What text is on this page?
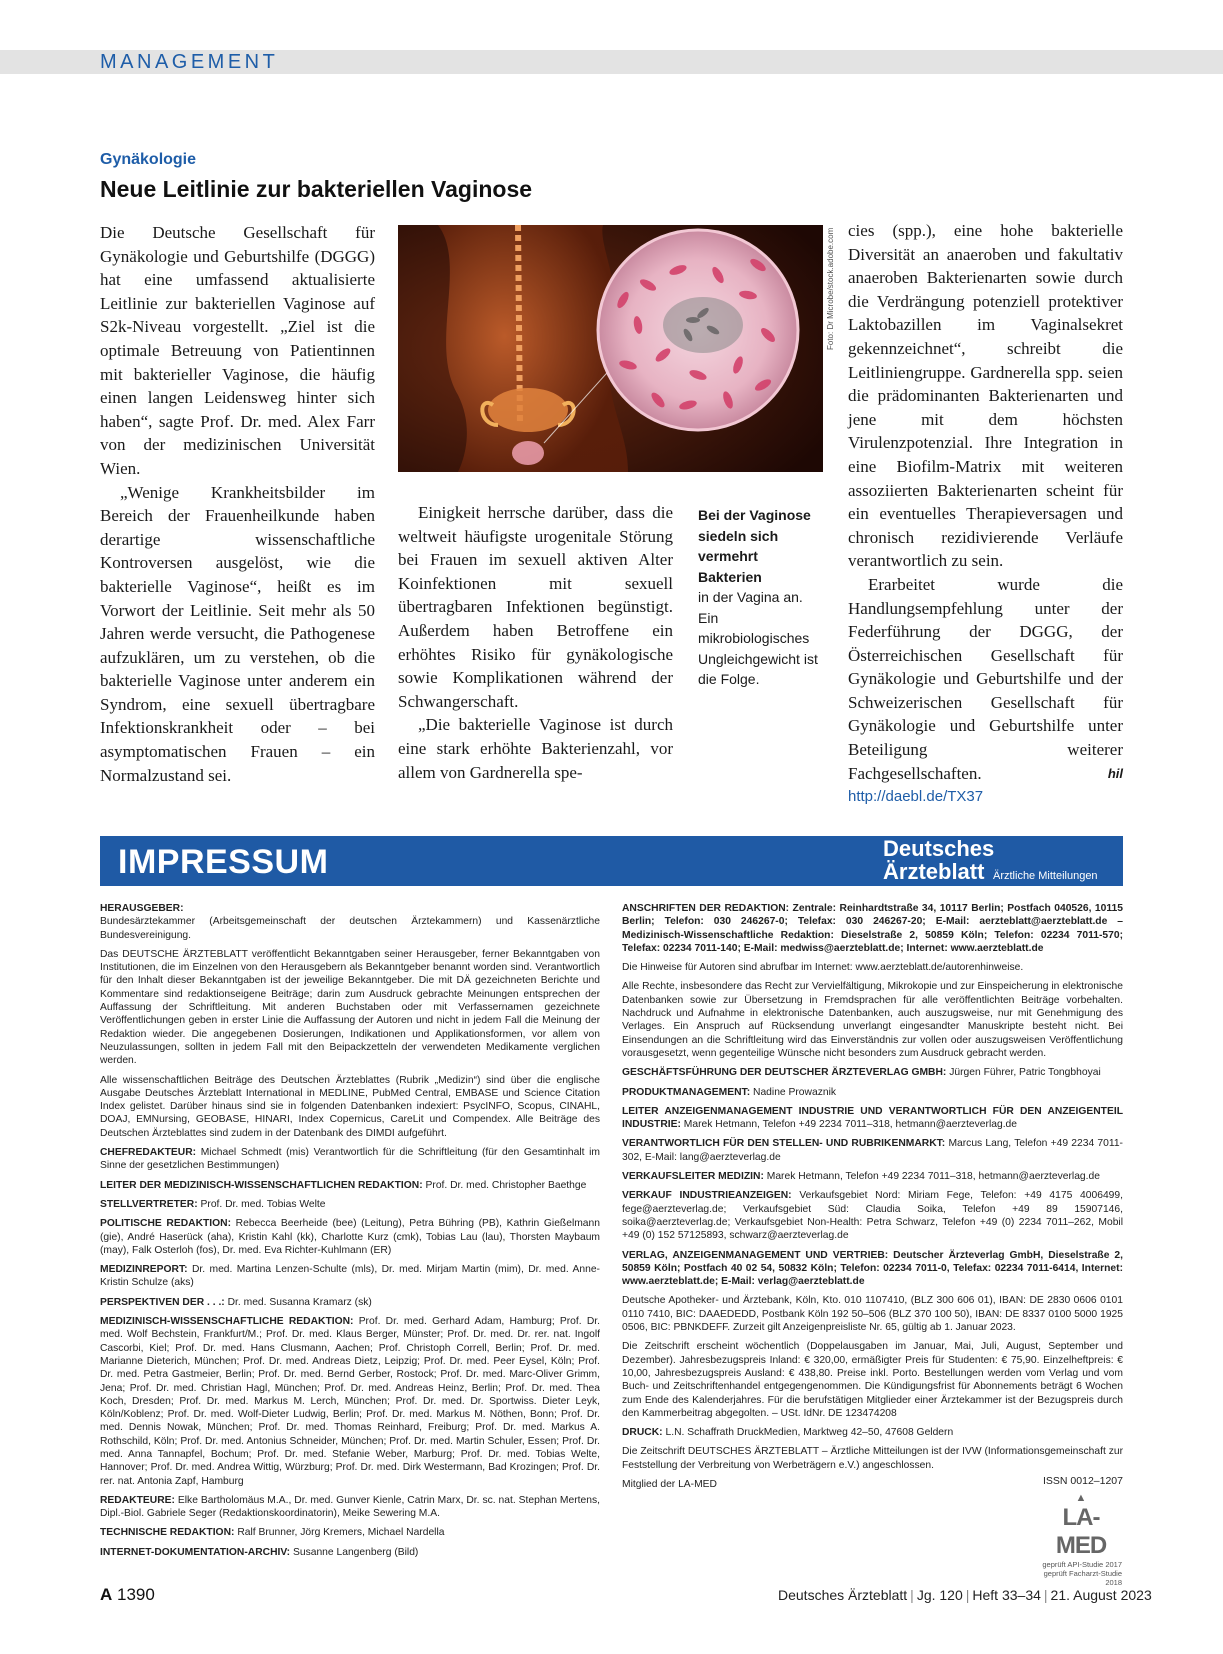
MANAGEMENT
Gynäkologie
Neue Leitlinie zur bakteriellen Vaginose

Die Deutsche Gesellschaft für Gynäkologie und Geburtshilfe (DGGG) hat eine umfassend aktualisierte Leitlinie zur bakteriellen Vaginose auf S2k-Niveau vorgestellt. „Ziel ist die optimale Betreuung von Patientinnen mit bakterieller Vaginose, die häufig einen langen Leidensweg hinter sich haben“, sagte Prof. Dr. med. Alex Farr von der medizinischen Universität Wien.

„Wenige Krankheitsbilder im Bereich der Frauenheilkunde haben derartige wissenschaftliche Kontroversen ausgelöst, wie die bakterielle Vaginose“, heißt es im Vorwort der Leitlinie. Seit mehr als 50 Jahren werde versucht, die Pathogenese aufzuklären, um zu verstehen, ob die bakterielle Vaginose unter anderem ein Syndrom, eine sexuell übertragbare Infektionskrankheit oder – bei asymptomatischen Frauen – ein Normalzustand sei.

Foto: Dr Microbe/stock.adobe.com

Einigkeit herrsche darüber, dass die weltweit häufigste urogenitale Störung bei Frauen im sexuell aktiven Alter Koinfektionen mit sexuell übertragbaren Infektionen begünstigt. Außerdem haben Betroffene ein erhöhtes Risiko für gynäkologische sowie Komplikationen während der Schwangerschaft.

„Die bakterielle Vaginose ist durch eine stark erhöhte Bakterienzahl, vor allem von Gardnerella spe-

Bei der Vaginose siedeln sich vermehrt Bakterien
in der Vagina an. Ein mikrobiologisches Ungleichgewicht ist die Folge.

cies (spp.), eine hohe bakterielle Diversität an anaeroben und fakultativ anaeroben Bakterienarten sowie durch die Verdrängung potenziell protektiver Laktobazillen im Vaginalsekret gekennzeichnet“, schreibt die Leitliniengruppe. Gardnerella spp. seien die prädominanten Bakterienarten und jene mit dem höchsten Virulenzpotenzial. Ihre Integration in eine Biofilm-Matrix mit weiteren assoziierten Bakterienarten scheint für ein eventuelles Therapieversagen und chronisch rezidivierende Verläufe verantwortlich zu sein.

Erarbeitet wurde die Handlungsempfehlung unter der Federführung der DGGG, der Österreichischen Gesellschaft für Gynäkologie und Geburtshilfe und der Schweizerischen Gesellschaft für Gynäkologie und Geburtshilfe unter Beteiligung weiterer Fachgesellschaften.	hil

http://daebl.de/TX37
IMPRESSUM	Deutsches
Ärzteblatt Ärztliche Mitteilungen

HERAUSGEBER:

Bundesärztekammer (Arbeitsgemeinschaft der deutschen Ärztekammern) und Kassenärztliche Bundesvereinigung.

Das DEUTSCHE ÄRZTEBLATT veröffentlicht Bekanntgaben seiner Herausgeber, ferner Bekanntgaben von Institutionen, die im Einzelnen von den Herausgebern als Bekanntgeber benannt worden sind. Verantwortlich für den Inhalt dieser Bekanntgaben ist der jeweilige Bekanntgeber. Die mit DÄ gezeichneten Berichte und Kommentare sind redaktionseigene Beiträge; darin zum Ausdruck gebrachte Meinungen entsprechen der Auffassung der Schriftleitung. Mit anderen Buchstaben oder mit Verfassernamen gezeichnete Veröffentlichungen geben in erster Linie die Auffassung der Autoren und nicht in jedem Fall die Meinung der Redaktion wieder. Die angegebenen Dosierungen, Indikationen und Applikationsformen, vor allem von Neuzulassungen, sollten in jedem Fall mit den Beipackzetteln der verwendeten Medikamente verglichen werden.

Alle wissenschaftlichen Beiträge des Deutschen Ärzteblattes (Rubrik „Medizin“) sind über die englische Ausgabe Deutsches Ärzteblatt International in MEDLINE, PubMed Central, EMBASE und Science Citation Index gelistet. Darüber hinaus sind sie in folgenden Datenbanken indexiert: PsycINFO, Scopus, CINAHL, DOAJ, EMNursing, GEOBASE, HINARI, Index Copernicus, CareLit und Compendex. Alle Beiträge des Deutschen Ärzteblattes sind zudem in der Datenbank des DIMDI aufgeführt.

CHEFREDAKTEUR: Michael Schmedt (mis) Verantwortlich für die Schriftleitung (für den Gesamtinhalt im Sinne der gesetzlichen Bestimmungen)

LEITER DER MEDIZINISCH-WISSENSCHAFTLICHEN REDAKTION: Prof. Dr. med. Christopher Baethge

STELLVERTRETER: Prof. Dr. med. Tobias Welte

POLITISCHE REDAKTION: Rebecca Beerheide (bee) (Leitung), Petra Bühring (PB), Kathrin Gießelmann (gie), André Haserück (aha), Kristin Kahl (kk), Charlotte Kurz (cmk), Tobias Lau (lau), Thorsten Maybaum (may), Falk Osterloh (fos), Dr. med. Eva Richter-Kuhlmann (ER)

MEDIZINREPORT: Dr. med. Martina Lenzen-Schulte (mls), Dr. med. Mirjam Martin (mim), Dr. med. Anne-Kristin Schulze (aks)

PERSPEKTIVEN DER . . .: Dr. med. Susanna Kramarz (sk)

MEDIZINISCH-WISSENSCHAFTLICHE REDAKTION: Prof. Dr. med. Gerhard Adam, Hamburg; Prof. Dr. med. Wolf Bechstein, Frankfurt/M.; Prof. Dr. med. Klaus Berger, Münster; Prof. Dr. med. Dr. rer. nat. Ingolf Cascorbi, Kiel; Prof. Dr. med. Hans Clusmann, Aachen; Prof. Christoph Correll, Berlin; Prof. Dr. med. Marianne Dieterich, München; Prof. Dr. med. Andreas Dietz, Leipzig; Prof. Dr. med. Peer Eysel, Köln; Prof. Dr. med. Petra Gastmeier, Berlin; Prof. Dr. med. Bernd Gerber, Rostock; Prof. Dr. med. Marc-Oliver Grimm, Jena; Prof. Dr. med. Christian Hagl, München; Prof. Dr. med. Andreas Heinz, Berlin; Prof. Dr. med. Thea Koch, Dresden; Prof. Dr. med. Markus M. Lerch, München; Prof. Dr. med. Dr. Sportwiss. Dieter Leyk, Köln/Koblenz; Prof. Dr. med. Wolf-Dieter Ludwig, Berlin; Prof. Dr. med. Markus M. Nöthen, Bonn; Prof. Dr. med. Dennis Nowak, München; Prof. Dr. med. Thomas Reinhard, Freiburg; Prof. Dr. med. Markus A. Rothschild, Köln; Prof. Dr. med. Antonius Schneider, München; Prof. Dr. med. Martin Schuler, Essen; Prof. Dr. med. Anna Tannapfel, Bochum; Prof. Dr. med. Stefanie Weber, Marburg; Prof. Dr. med. Tobias Welte, Hannover; Prof. Dr. med. Andrea Wittig, Würzburg; Prof. Dr. med. Dirk Westermann, Bad Krozingen; Prof. Dr. rer. nat. Antonia Zapf, Hamburg

REDAKTEURE: Elke Bartholomäus M.A., Dr. med. Gunver Kienle, Catrin Marx, Dr. sc. nat. Stephan Mertens, Dipl.-Biol. Gabriele Seger (Redaktionskoordinatorin), Meike Sewering M.A.

TECHNISCHE REDAKTION: Ralf Brunner, Jörg Kremers, Michael Nardella

INTERNET-DOKUMENTATION-ARCHIV: Susanne Langenberg (Bild)

ANSCHRIFTEN DER REDAKTION: Zentrale: Reinhardtstraße 34, 10117 Berlin; Postfach 040526, 10115 Berlin; Telefon: 030 246267-0; Telefax: 030 246267-20; E-Mail: aerzteblatt@aerzteblatt.de – Medizinisch-Wissenschaftliche Redaktion: Dieselstraße 2, 50859 Köln; Telefon: 02234 7011-570; Telefax: 02234 7011-140; E-Mail: medwiss@aerzteblatt.de; Internet: www.aerzteblatt.de

Die Hinweise für Autoren sind abrufbar im Internet: www.aerzteblatt.de/autorenhinweise.

Alle Rechte, insbesondere das Recht zur Vervielfältigung, Mikrokopie und zur Einspeicherung in elektronische Datenbanken sowie zur Übersetzung in Fremdsprachen für alle veröffentlichten Beiträge vorbehalten. Nachdruck und Aufnahme in elektronische Datenbanken, auch auszugsweise, nur mit Genehmigung des Verlages. Ein Anspruch auf Rücksendung unverlangt eingesandter Manuskripte besteht nicht. Bei Einsendungen an die Schriftleitung wird das Einverständnis zur vollen oder auszugsweisen Veröffentlichung vorausgesetzt, wenn gegenteilige Wünsche nicht besonders zum Ausdruck gebracht werden.

GESCHÄFTSFÜHRUNG DER DEUTSCHER ÄRZTEVERLAG GMBH: Jürgen Führer, Patric Tongbhoyai

PRODUKTMANAGEMENT: Nadine Prowaznik

LEITER ANZEIGENMANAGEMENT INDUSTRIE UND VERANTWORTLICH FÜR DEN ANZEIGENTEIL INDUSTRIE: Marek Hetmann, Telefon +49 2234 7011–318, hetmann@aerzteverlag.de

VERANTWORTLICH FÜR DEN STELLEN- UND RUBRIKENMARKT: Marcus Lang, Telefon +49 2234 7011-302, E-Mail: lang@aerzteverlag.de

VERKAUFSLEITER MEDIZIN: Marek Hetmann, Telefon +49 2234 7011–318, hetmann@aerzteverlag.de

VERKAUF INDUSTRIEANZEIGEN: Verkaufsgebiet Nord: Miriam Fege, Telefon: +49 4175 4006499, fege@aerzteverlag.de; Verkaufsgebiet Süd: Claudia Soika, Telefon +49 89 15907146, soika@aerzteverlag.de; Verkaufsgebiet Non-Health: Petra Schwarz, Telefon +49 (0) 2234 7011–262, Mobil +49 (0) 152 57125893, schwarz@aerzteverlag.de

VERLAG, ANZEIGENMANAGEMENT UND VERTRIEB: Deutscher Ärzteverlag GmbH, Dieselstraße 2, 50859 Köln; Postfach 40 02 54, 50832 Köln; Telefon: 02234 7011-0, Telefax: 02234 7011-6414, Internet: www.aerzteblatt.de; E-Mail: verlag@aerzteblatt.de

Deutsche Apotheker- und Ärztebank, Köln, Kto. 010 1107410, (BLZ 300 606 01), IBAN: DE 2830 0606 0101 0110 7410, BIC: DAAEDEDD, Postbank Köln 192 50–506 (BLZ 370 100 50), IBAN: DE 8337 0100 5000 1925 0506, BIC: PBNKDEFF. Zurzeit gilt Anzeigenpreisliste Nr. 65, gültig ab 1. Januar 2023.

Die Zeitschrift erscheint wöchentlich (Doppelausgaben im Januar, Mai, Juli, August, September und Dezember). Jahresbezugspreis Inland: € 320,00, ermäßigter Preis für Studenten: € 75,90. Einzelheftpreis: € 10,00, Jahresbezugspreis Ausland: € 438,80. Preise inkl. Porto. Bestellungen werden vom Verlag und vom Buch- und Zeitschriftenhandel entgegengenommen. Die Kündigungsfrist für Abonnements beträgt 6 Wochen zum Ende des Kalenderjahres. Für die berufstätigen Mitglieder einer Ärztekammer ist der Bezugspreis durch den Kammerbeitrag abgegolten. – USt. IdNr. DE 123474208

DRUCK: L.N. Schaffrath DruckMedien, Marktweg 42–50, 47608 Geldern

Die Zeitschrift DEUTSCHES ÄRZTEBLATT – Ärztliche Mitteilungen ist der IVW (Informationsgemeinschaft zur Feststellung der Verbreitung von Werbeträgern e.V.) angeschlossen.

Mitglied der LA-MED	ISSN 0012–1207
▲
LA-MED
geprüft API-Studie 2017
geprüft Facharzt-Studie 2018
A 1390	Deutsches Ärzteblatt | Jg. 120 | Heft 33–34 | 21. August 2023
